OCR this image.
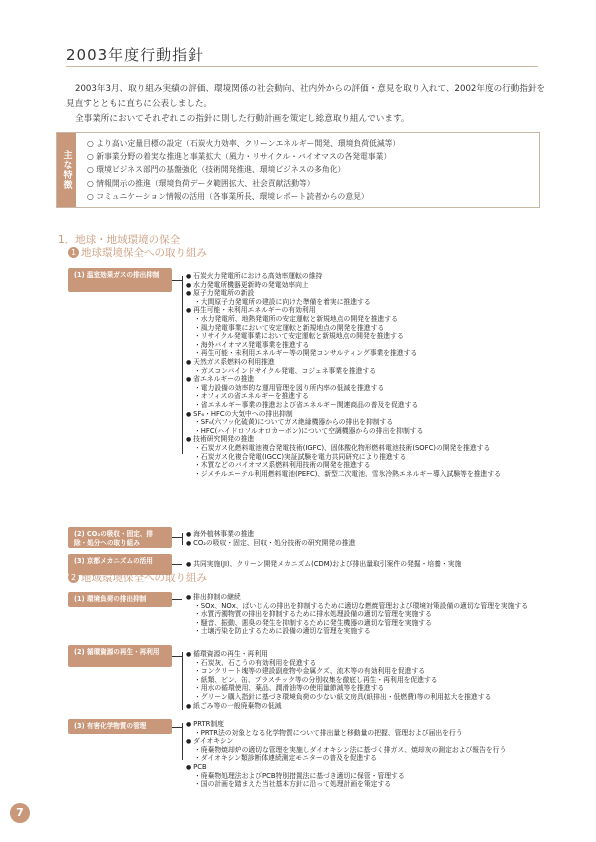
2003年度行動指針
2003年3月、取り組み実績の評価、環境関係の社会動向、社内外からの評価・意見を取り入れて、2002年度の行動指針を見直すとともに直ちに公表しました。
全事業所においてそれぞれこの指針に則した行動計画を策定し総意取り組んでいます。
主な特徴
○ より高い定量目標の設定（石炭火力効率、クリーンエネルギー開発、環境負荷低減等）
○ 新事業分野の着実な推進と事業拡大（風力・リサイクル・バイオマスの各発電事業）
○ 環境ビジネス部門の基盤強化（技術開発推進、環境ビジネスの多角化）
○ 情報開示の推進（環境負荷データ範囲拡大、社会貢献活動等）
○ コミュニケーション情報の活用（各事業所長、環境レポート読者からの意見）
1．地球・地域環境の保全
1 地球環境保全への取り組み
(1) 温室効果ガスの排出抑制
(2) CO₂の吸収・固定、排除・処分への取り組み
(3) 京都メカニズムの活用
2 地域環境保全への取り組み
(1) 環境負荷の排出抑制
(2) 循環資源の再生・再利用
(3) 有害化学物質の管理
● 石炭火力発電所における高効率運転の維持
● 水力発電所機器更新時の発電効率向上
● 原子力発電所の新設
・ 大間原子力発電所の建設に向けた準備を着実に推進する
● 再生可能・未利用エネルギーの有効利用
・ 水力発電所、地熱発電所の安定運転と新規地点の開発を推進する
・ 風力発電事業において安定運転と新規地点の開発を推進する
・ リサイクル発電事業において安定運転と新規地点の開発を推進する
・ 海外バイオマス発電事業を推進する
・ 再生可能・未利用エネルギー等の開発コンサルティング事業を推進する
● 天然ガス系燃料の利用推進
・ ガスコンバインドサイクル発電、コジェネ事業を推進する
● 省エネルギーの推進
・ 電力設備の効率的な運用管理を図り所内率の低減を推進する
・ オフィスの省エネルギーを推進する
・ 省エネルギー事業の推進および省エネルギー関連商品の普及を促進する
● SF₆・HFCの大気中への排出抑制
・ SF₆(六フッ化硫黄)についてガス絶縁機器からの排出を抑制する
・ HFC(ハイドロフルオロカーボン)について空調機器からの排出を抑制する
● 技術研究開発の推進
・ 石炭ガス化燃料電池複合発電技術(IGFC)、固体酸化物形燃料電池技術(SOFC)の開発を推進する
・ 石炭ガス化複合発電(IGCC)実証試験を電力共同研究により推進する
・ 木質などのバイオマス系燃料利用技術の開発を推進する
・ ジメチルエーテル利用燃料電池(PEFC)、新型二次電池、雪氷冷熱エネルギー導入試験等を推進する
● 海外植林事業の推進
● CO₂の吸収・固定、回収・処分技術の研究開発の推進
● 共同実施(JI)、クリーン開発メカニズム(CDM)および排出量取引案件の発掘・培養・実施
● 排出抑制の継続
・ SOx、NOx、ばいじんの排出を抑制するために適切な燃焼管理および環境対策設備の適切な管理を実施する
・ 水質汚濁物質の排出を抑制するために排水処理設備の適切な管理を実施する
・ 騒音、振動、悪臭の発生を抑制するために発生機器の適切な管理を実施する
・ 土壌汚染を防止するために設備の適切な管理を実施する
● 循環資源の再生・再利用
・ 石炭灰、石こうの有効利用を促進する
・ コンクリート塊等の建設副産物や金属クズ、流木等の有効利用を促進する
・ 紙類、ビン、缶、プラスチック等の分別収集を徹底し再生・再利用を促進する
・ 用水の循環使用、薬品、潤滑油等の使用量節減等を推進する
・ グリーン購入指針に基づき環境負荷の少ない紙文房具(紙排出・低燃費)等の利用拡大を推進する
● 紙ごみ等の一般廃棄物の低減
● PRTR制度
・ PRTR法の対象となる化学物質について排出量と移動量の把握、管理および届出を行う
● ダイオキシン
・ 廃棄物焼却炉の適切な管理を実施しダイオキシン法に基づく排ガス、焼却灰の測定および報告を行う
・ ダイオキシン類診断体連続測定モニターの普及を促進する
● PCB
・ 廃棄物処理法およびPCB特別措置法に基づき適切に保管・管理する
・ 国の計画を踏まえた当社基本方針に沿って処理計画を策定する
7
